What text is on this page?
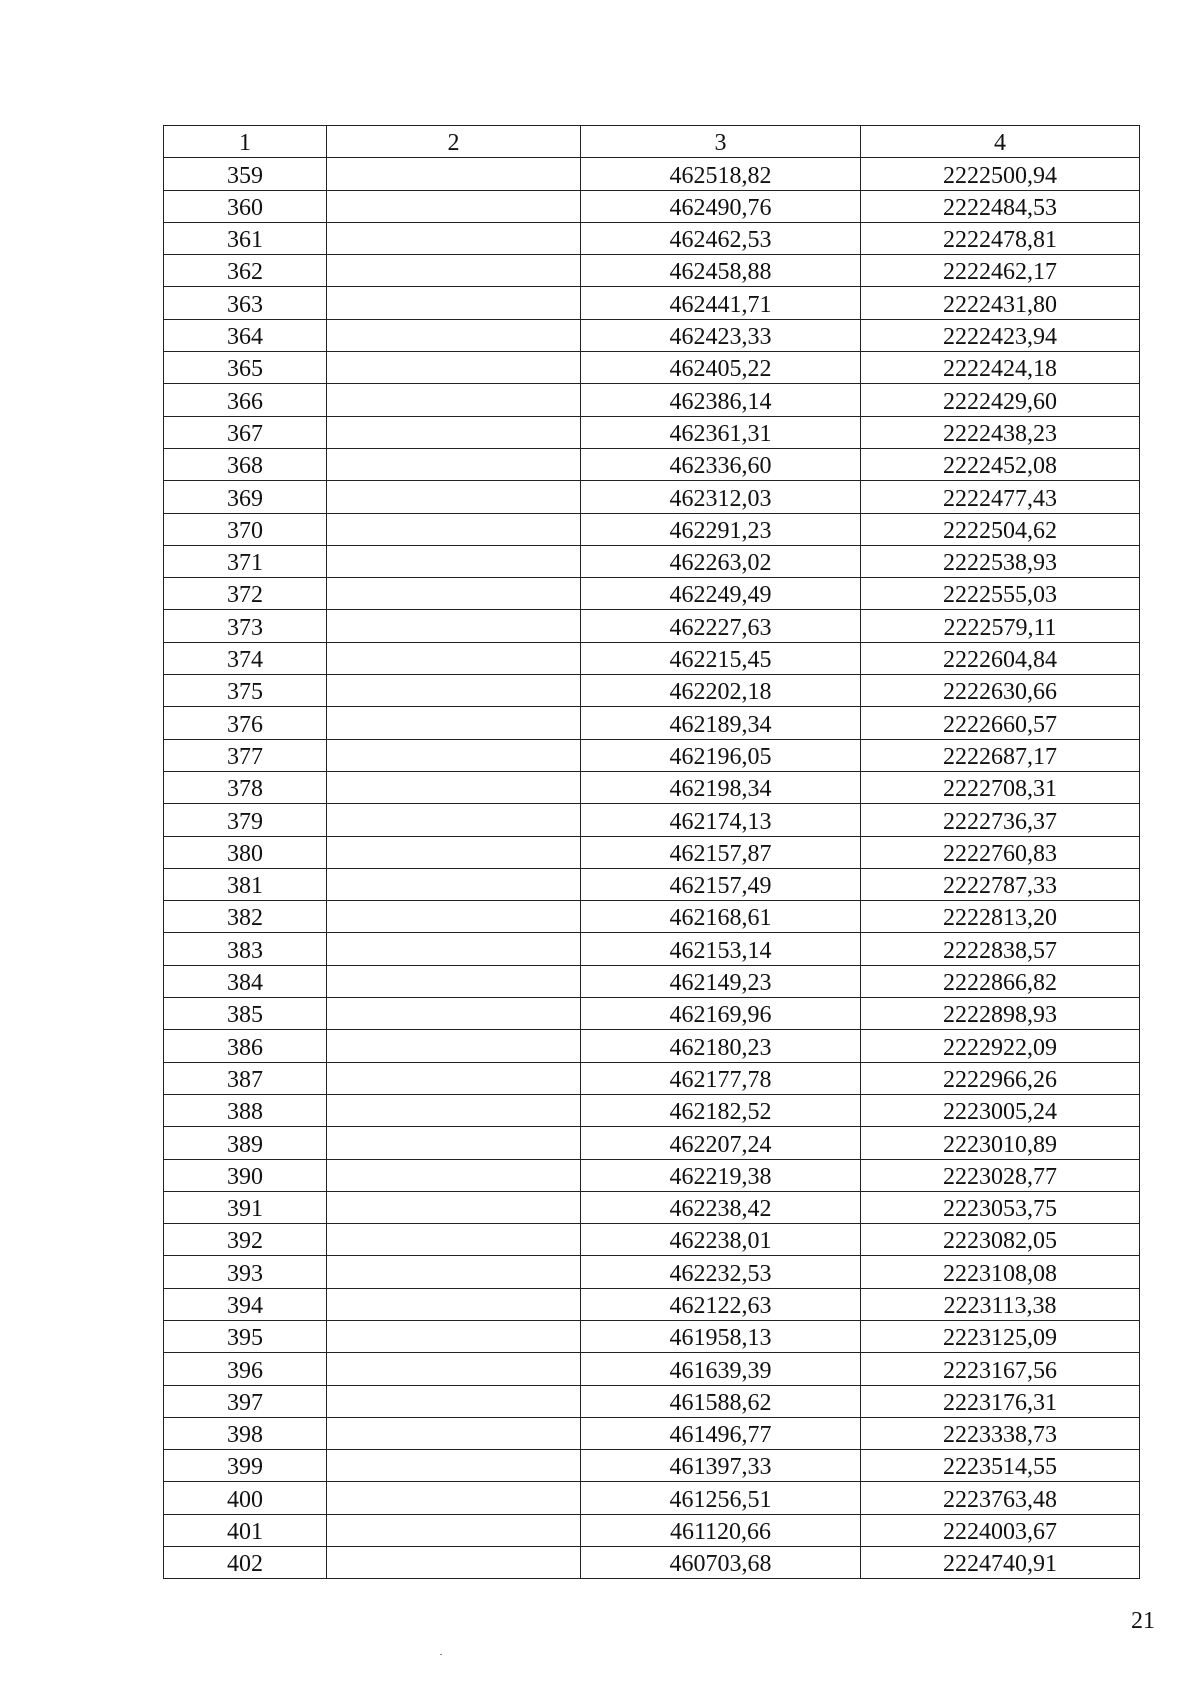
1	2	3	4
359		462518,82	2222500,94
360		462490,76	2222484,53
361		462462,53	2222478,81
362		462458,88	2222462,17
363		462441,71	2222431,80
364		462423,33	2222423,94
365		462405,22	2222424,18
366		462386,14	2222429,60
367		462361,31	2222438,23
368		462336,60	2222452,08
369		462312,03	2222477,43
370		462291,23	2222504,62
371		462263,02	2222538,93
372		462249,49	2222555,03
373		462227,63	2222579,11
374		462215,45	2222604,84
375		462202,18	2222630,66
376		462189,34	2222660,57
377		462196,05	2222687,17
378		462198,34	2222708,31
379		462174,13	2222736,37
380		462157,87	2222760,83
381		462157,49	2222787,33
382		462168,61	2222813,20
383		462153,14	2222838,57
384		462149,23	2222866,82
385		462169,96	2222898,93
386		462180,23	2222922,09
387		462177,78	2222966,26
388		462182,52	2223005,24
389		462207,24	2223010,89
390		462219,38	2223028,77
391		462238,42	2223053,75
392		462238,01	2223082,05
393		462232,53	2223108,08
394		462122,63	2223113,38
395		461958,13	2223125,09
396		461639,39	2223167,56
397		461588,62	2223176,31
398		461496,77	2223338,73
399		461397,33	2223514,55
400		461256,51	2223763,48
401		461120,66	2224003,67
402		460703,68	2224740,91
21
